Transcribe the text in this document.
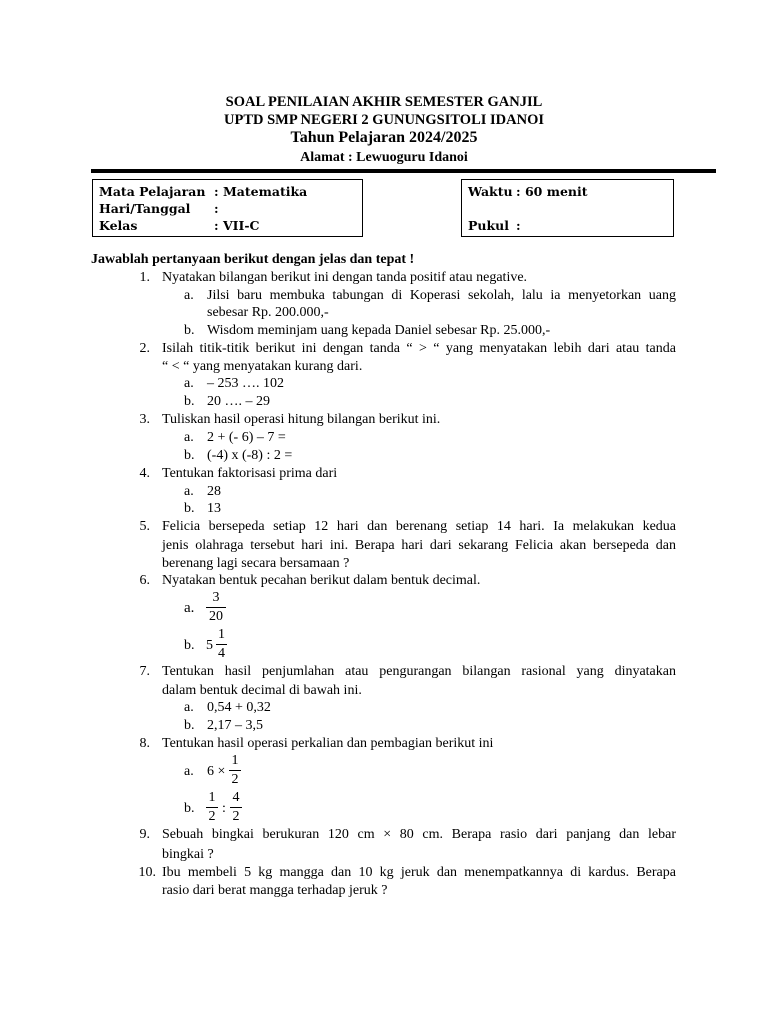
SOAL PENILAIAN AKHIR SEMESTER GANJIL
UPTD SMP NEGERI 2 GUNUNGSITOLI IDANOI
Tahun Pelajaran 2024/2025
Alamat : Lewuoguru Idanoi
Mata Pelajaran : Matematika
Hari/Tanggal :
Kelas	: VII-C
Waktu : 60 menit
Pukul :
Jawablah pertanyaan berikut dengan jelas dan tepat !
1. Nyatakan bilangan berikut ini dengan tanda positif atau negative.
a. Jilsi baru membuka tabungan di Koperasi sekolah, lalu ia menyetorkan uang
sebesar Rp. 200.000,-
b. Wisdom meminjam uang kepada Daniel sebesar Rp. 25.000,-
2. Isilah titik-titik berikut ini dengan tanda “ > “ yang menyatakan lebih dari atau tanda
“ < “ yang menyatakan kurang dari.
a. – 253 …. 102
b. 20 …. – 29
3. Tuliskan hasil operasi hitung bilangan berikut ini.
a. 2 + (- 6) – 7 =
b. (-4) x (-8) : 2 =
4. Tentukan faktorisasi prima dari
a. 28
b. 13
5. Felicia bersepeda setiap 12 hari dan berenang setiap 14 hari. Ia melakukan kedua
jenis olahraga tersebut hari ini. Berapa hari dari sekarang Felicia akan bersepeda dan
berenang lagi secara bersamaan ?
6. Nyatakan bentuk pecahan berikut dalam bentuk decimal.
a.
3
20
b. 5
1
4
7. Tentukan hasil penjumlahan atau pengurangan bilangan rasional yang dinyatakan
dalam bentuk decimal di bawah ini.
a. 0,54 + 0,32
b. 2,17 – 3,5
8. Tentukan hasil operasi perkalian dan pembagian berikut ini
a. 6 ×
1
2
b.
1
2
:
4
2
9. Sebuah bingkai berukuran 120 cm × 80 cm. Berapa rasio dari panjang dan lebar
bingkai ?
10. Ibu membeli 5 kg mangga dan 10 kg jeruk dan menempatkannya di kardus. Berapa
rasio dari berat mangga terhadap jeruk ?
